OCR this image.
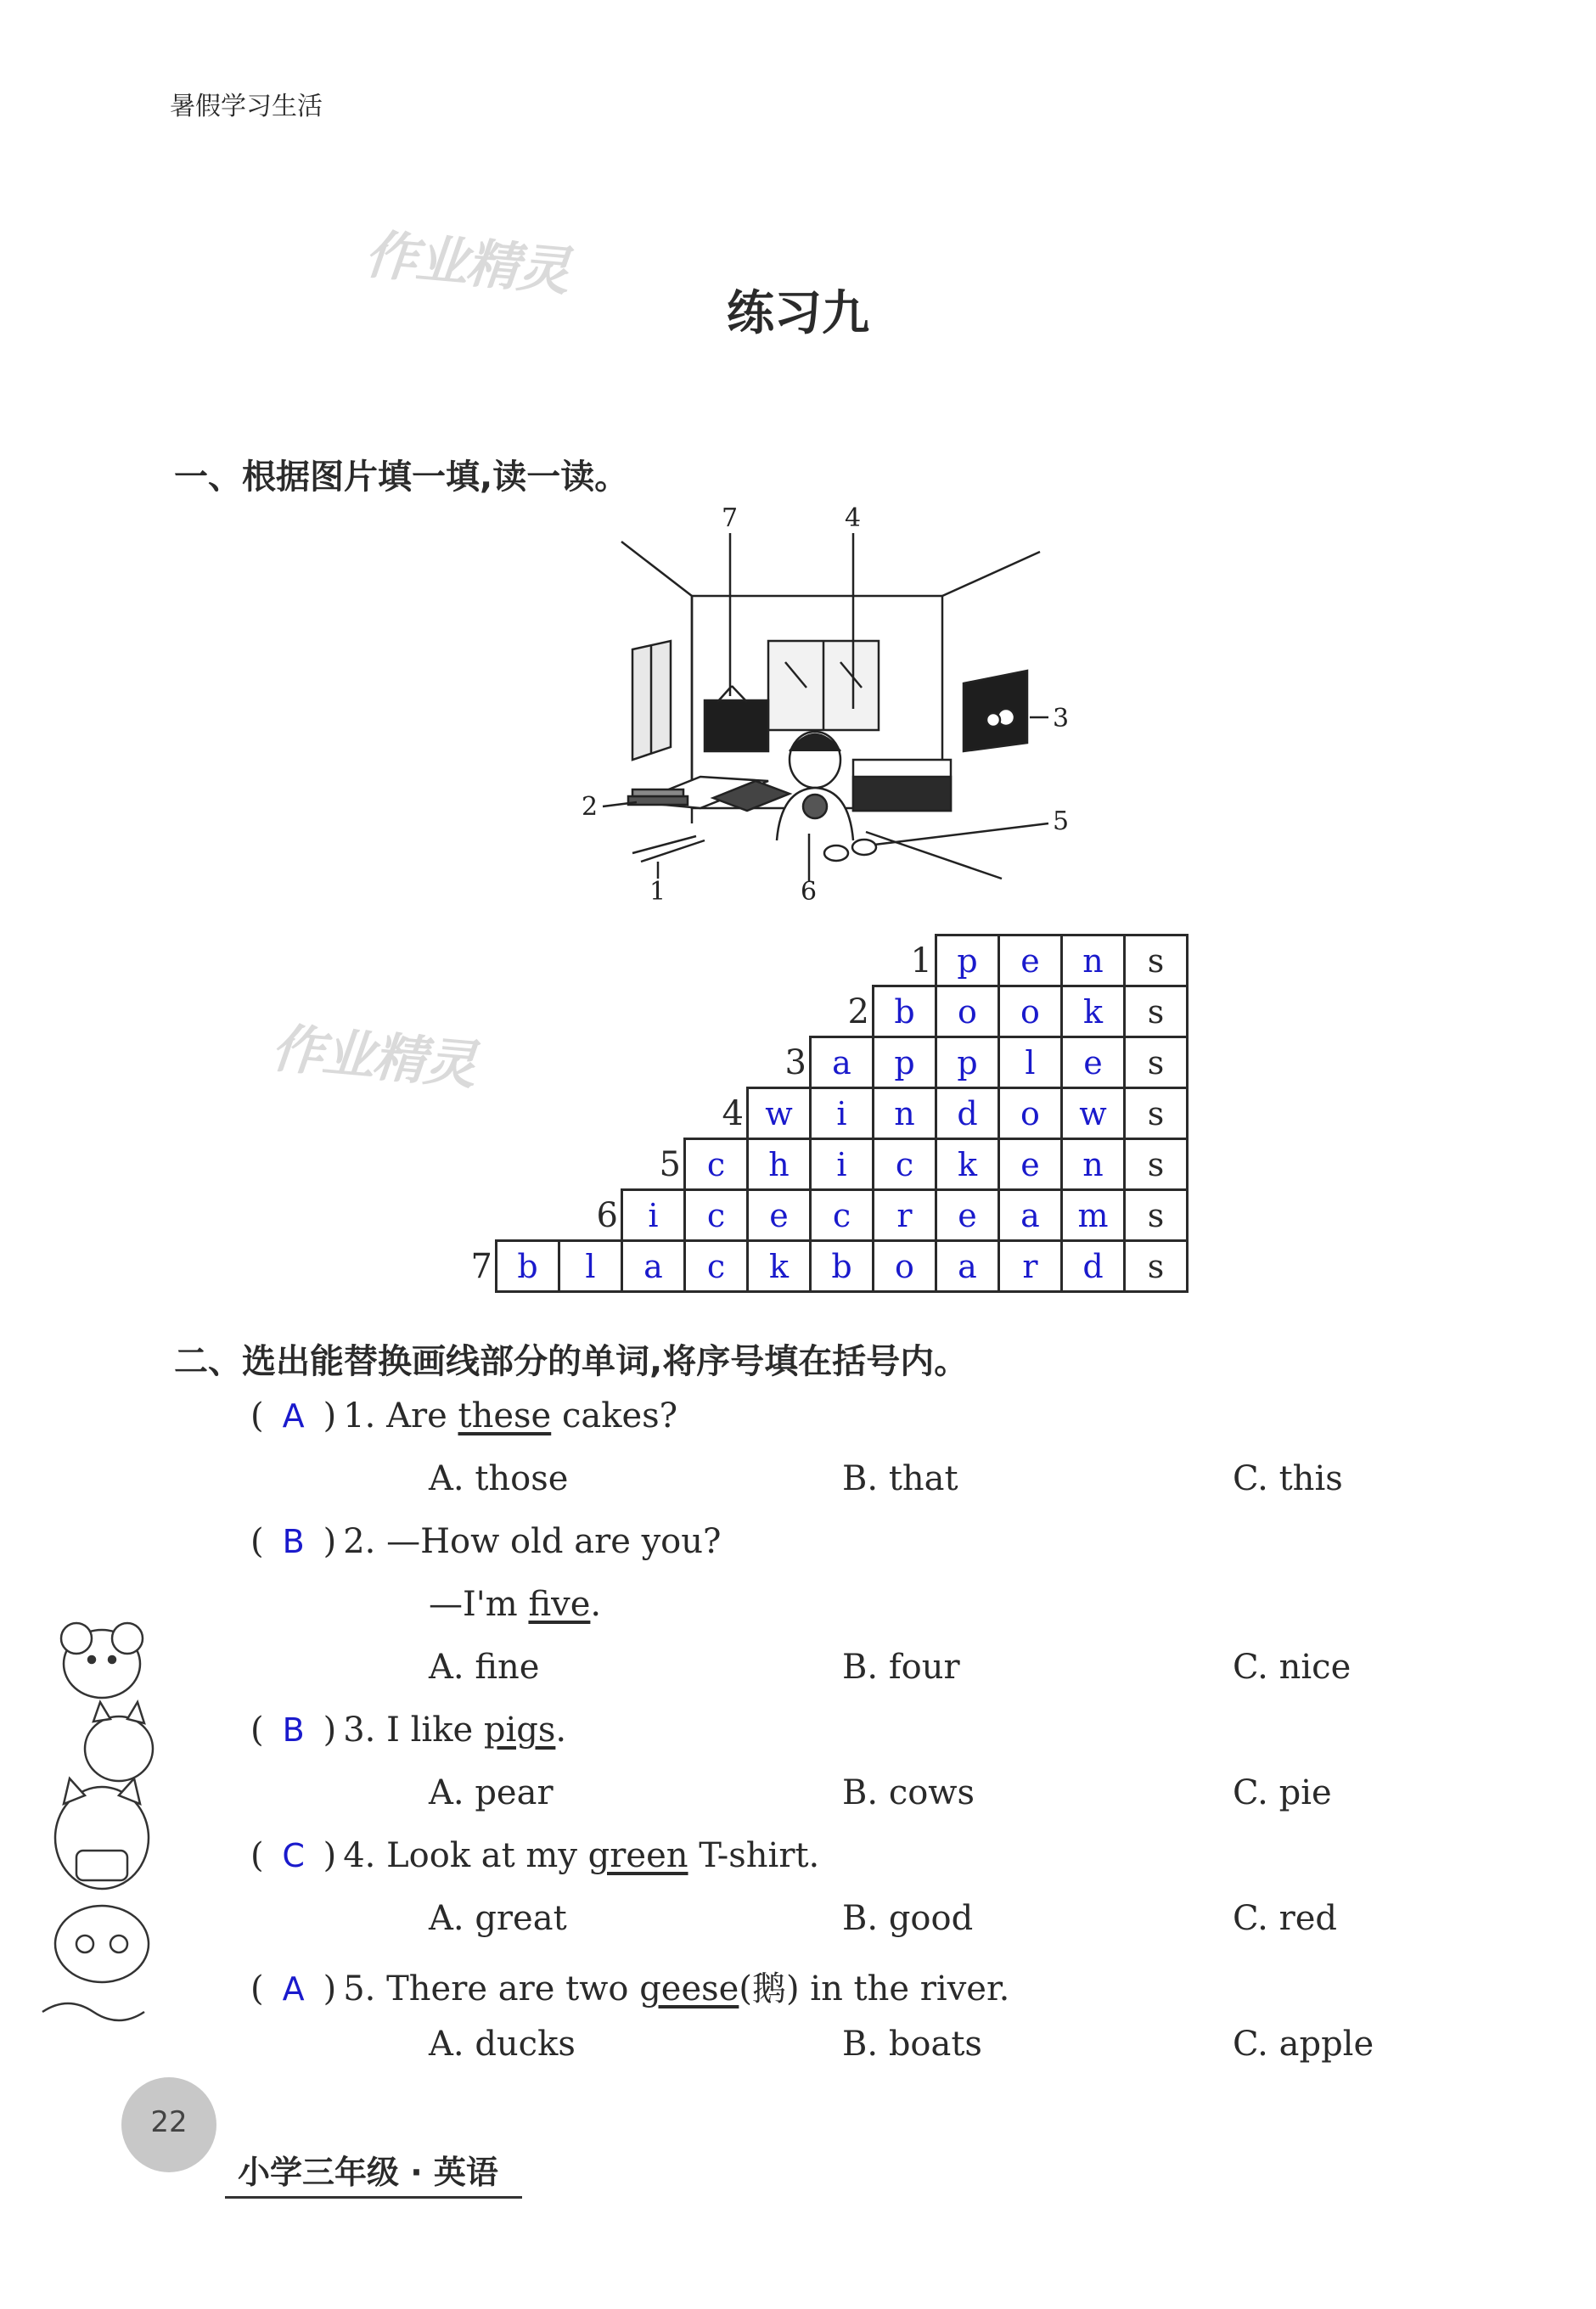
暑假学习生活
作业精灵
作业精灵
练习九
一、根据图片填一填,读一读。
7	4
3
2	5
1	6
1 p	e	n	s
2 b	o	o	k	s
3 a	p	p	l	e	s
4 w	i	n	d	o	w	s
5 c	h	i	c	k	e	n	s
6 i	c	e	c	r	e	a	m	s
7 b	l	a	c	k	b	o	a	r	d	s
二、选出能替换画线部分的单词,将序号填在括号内。
( A ) 1. Are these cakes?
A. those	B. that	C. this
( B ) 2. —How old are you?
—I'm five.
A. fine	B. four	C. nice
( B ) 3. I like pigs.
A. pear	B. cows	C. pie
( C ) 4. Look at my green T-shirt.
A. great	B. good	C. red
( A ) 5. There are two geese(鹅) in the river.
A. ducks	B. boats	C. apple
22
小学三年级 · 英语
